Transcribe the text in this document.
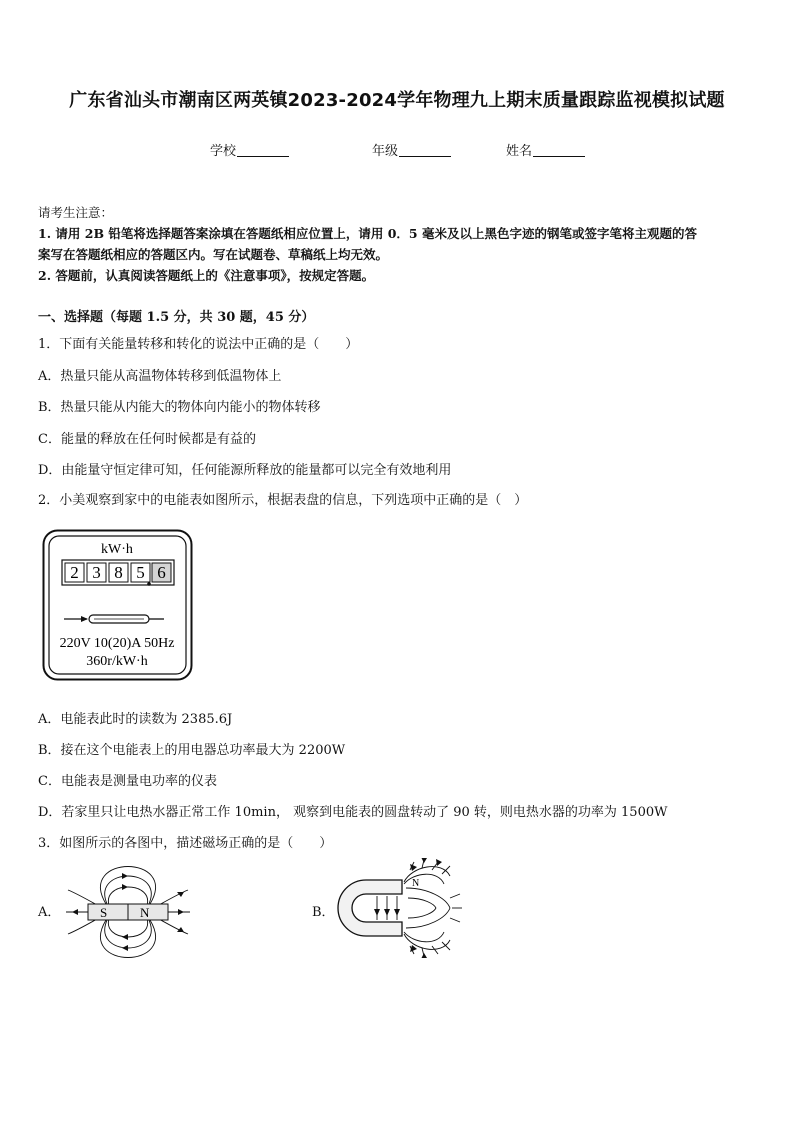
广东省汕头市潮南区两英镇2023-2024学年物理九上期末质量跟踪监视模拟试题
学校	年级	姓名
请考生注意：
1. 请用 2B 铅笔将选择题答案涂填在答题纸相应位置上，请用 0．5 毫米及以上黑色字迹的钢笔或签字笔将主观题的答
案写在答题纸相应的答题区内。写在试题卷、草稿纸上均无效。
2. 答题前，认真阅读答题纸上的《注意事项》，按规定答题。
一、选择题（每题 1.5 分，共 30 题，45 分）
1．下面有关能量转移和转化的说法中正确的是（　　）
A．热量只能从高温物体转移到低温物体上
B．热量只能从内能大的物体向内能小的物体转移
C．能量的释放在任何时候都是有益的
D．由能量守恒定律可知，任何能源所释放的能量都可以完全有效地利用
2．小美观察到家中的电能表如图所示，根据表盘的信息，下列选项中正确的是（　）
kW·h
2 3 8 5 6
220V 10(20)A 50Hz
360r/kW·h
A．电能表此时的读数为 2385.6J
B．接在这个电能表上的用电器总功率最大为 2200W
C．电能表是测量电功率的仪表
D．若家里只让电热水器正常工作 10min， 观察到电能表的圆盘转动了 90 转，则电热水器的功率为 1500W
3．如图所示的各图中，描述磁场正确的是（　　）
A．	S	N	B．
N
